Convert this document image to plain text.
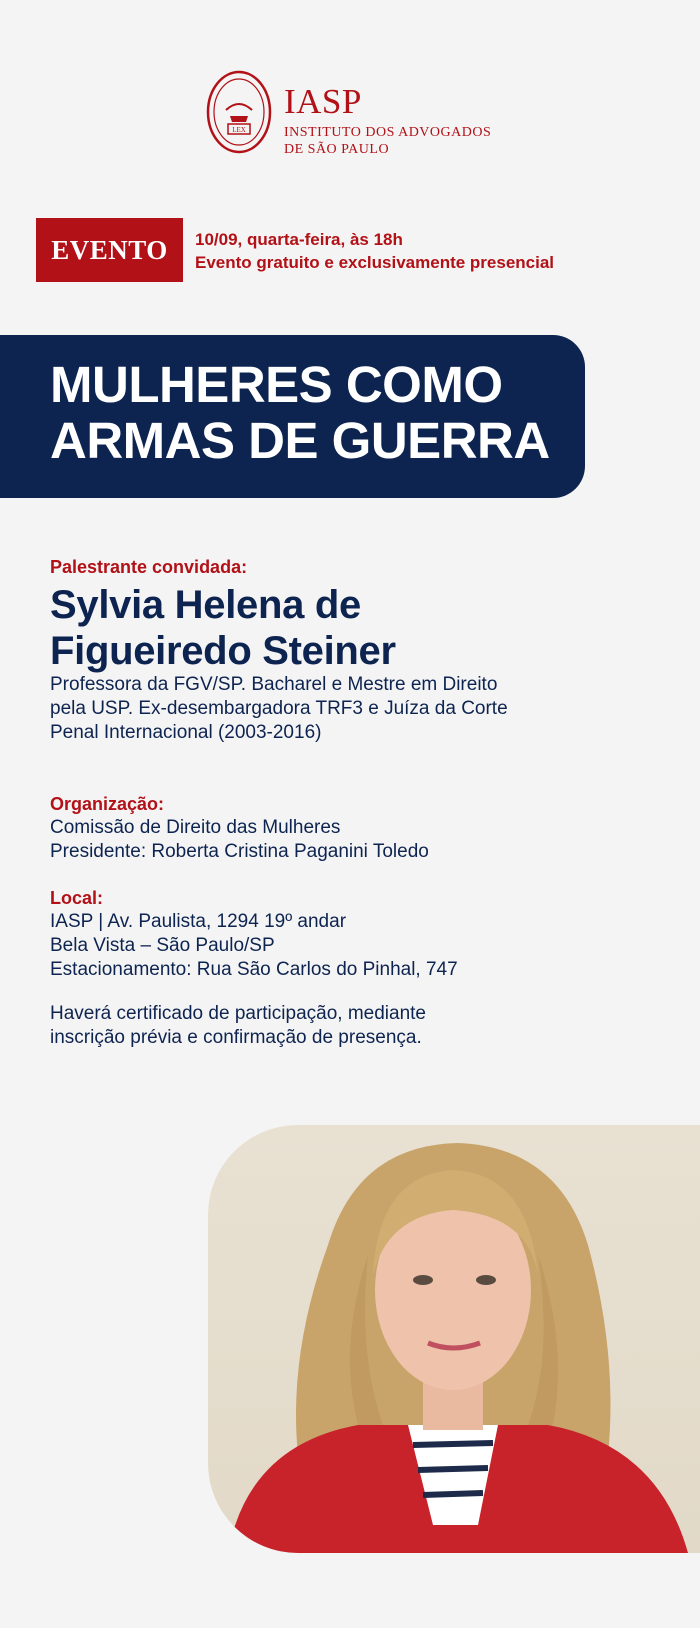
LEX
IASP
INSTITUTO DOS ADVOGADOS
DE SÃO PAULO
EVENTO	10/09, quarta-feira, às 18h
Evento gratuito e exclusivamente presencial
MULHERES COMO
ARMAS DE GUERRA
Palestrante convidada:
Sylvia Helena de
Figueiredo Steiner
Professora da FGV/SP. Bacharel e Mestre em Direito
pela USP. Ex-desembargadora TRF3 e Juíza da Corte
Penal Internacional (2003-2016)
Organização:
Comissão de Direito das Mulheres
Presidente: Roberta Cristina Paganini Toledo
Local:
IASP | Av. Paulista, 1294 19º andar
Bela Vista – São Paulo/SP
Estacionamento: Rua São Carlos do Pinhal, 747
Haverá certificado de participação, mediante
inscrição prévia e confirmação de presença.
